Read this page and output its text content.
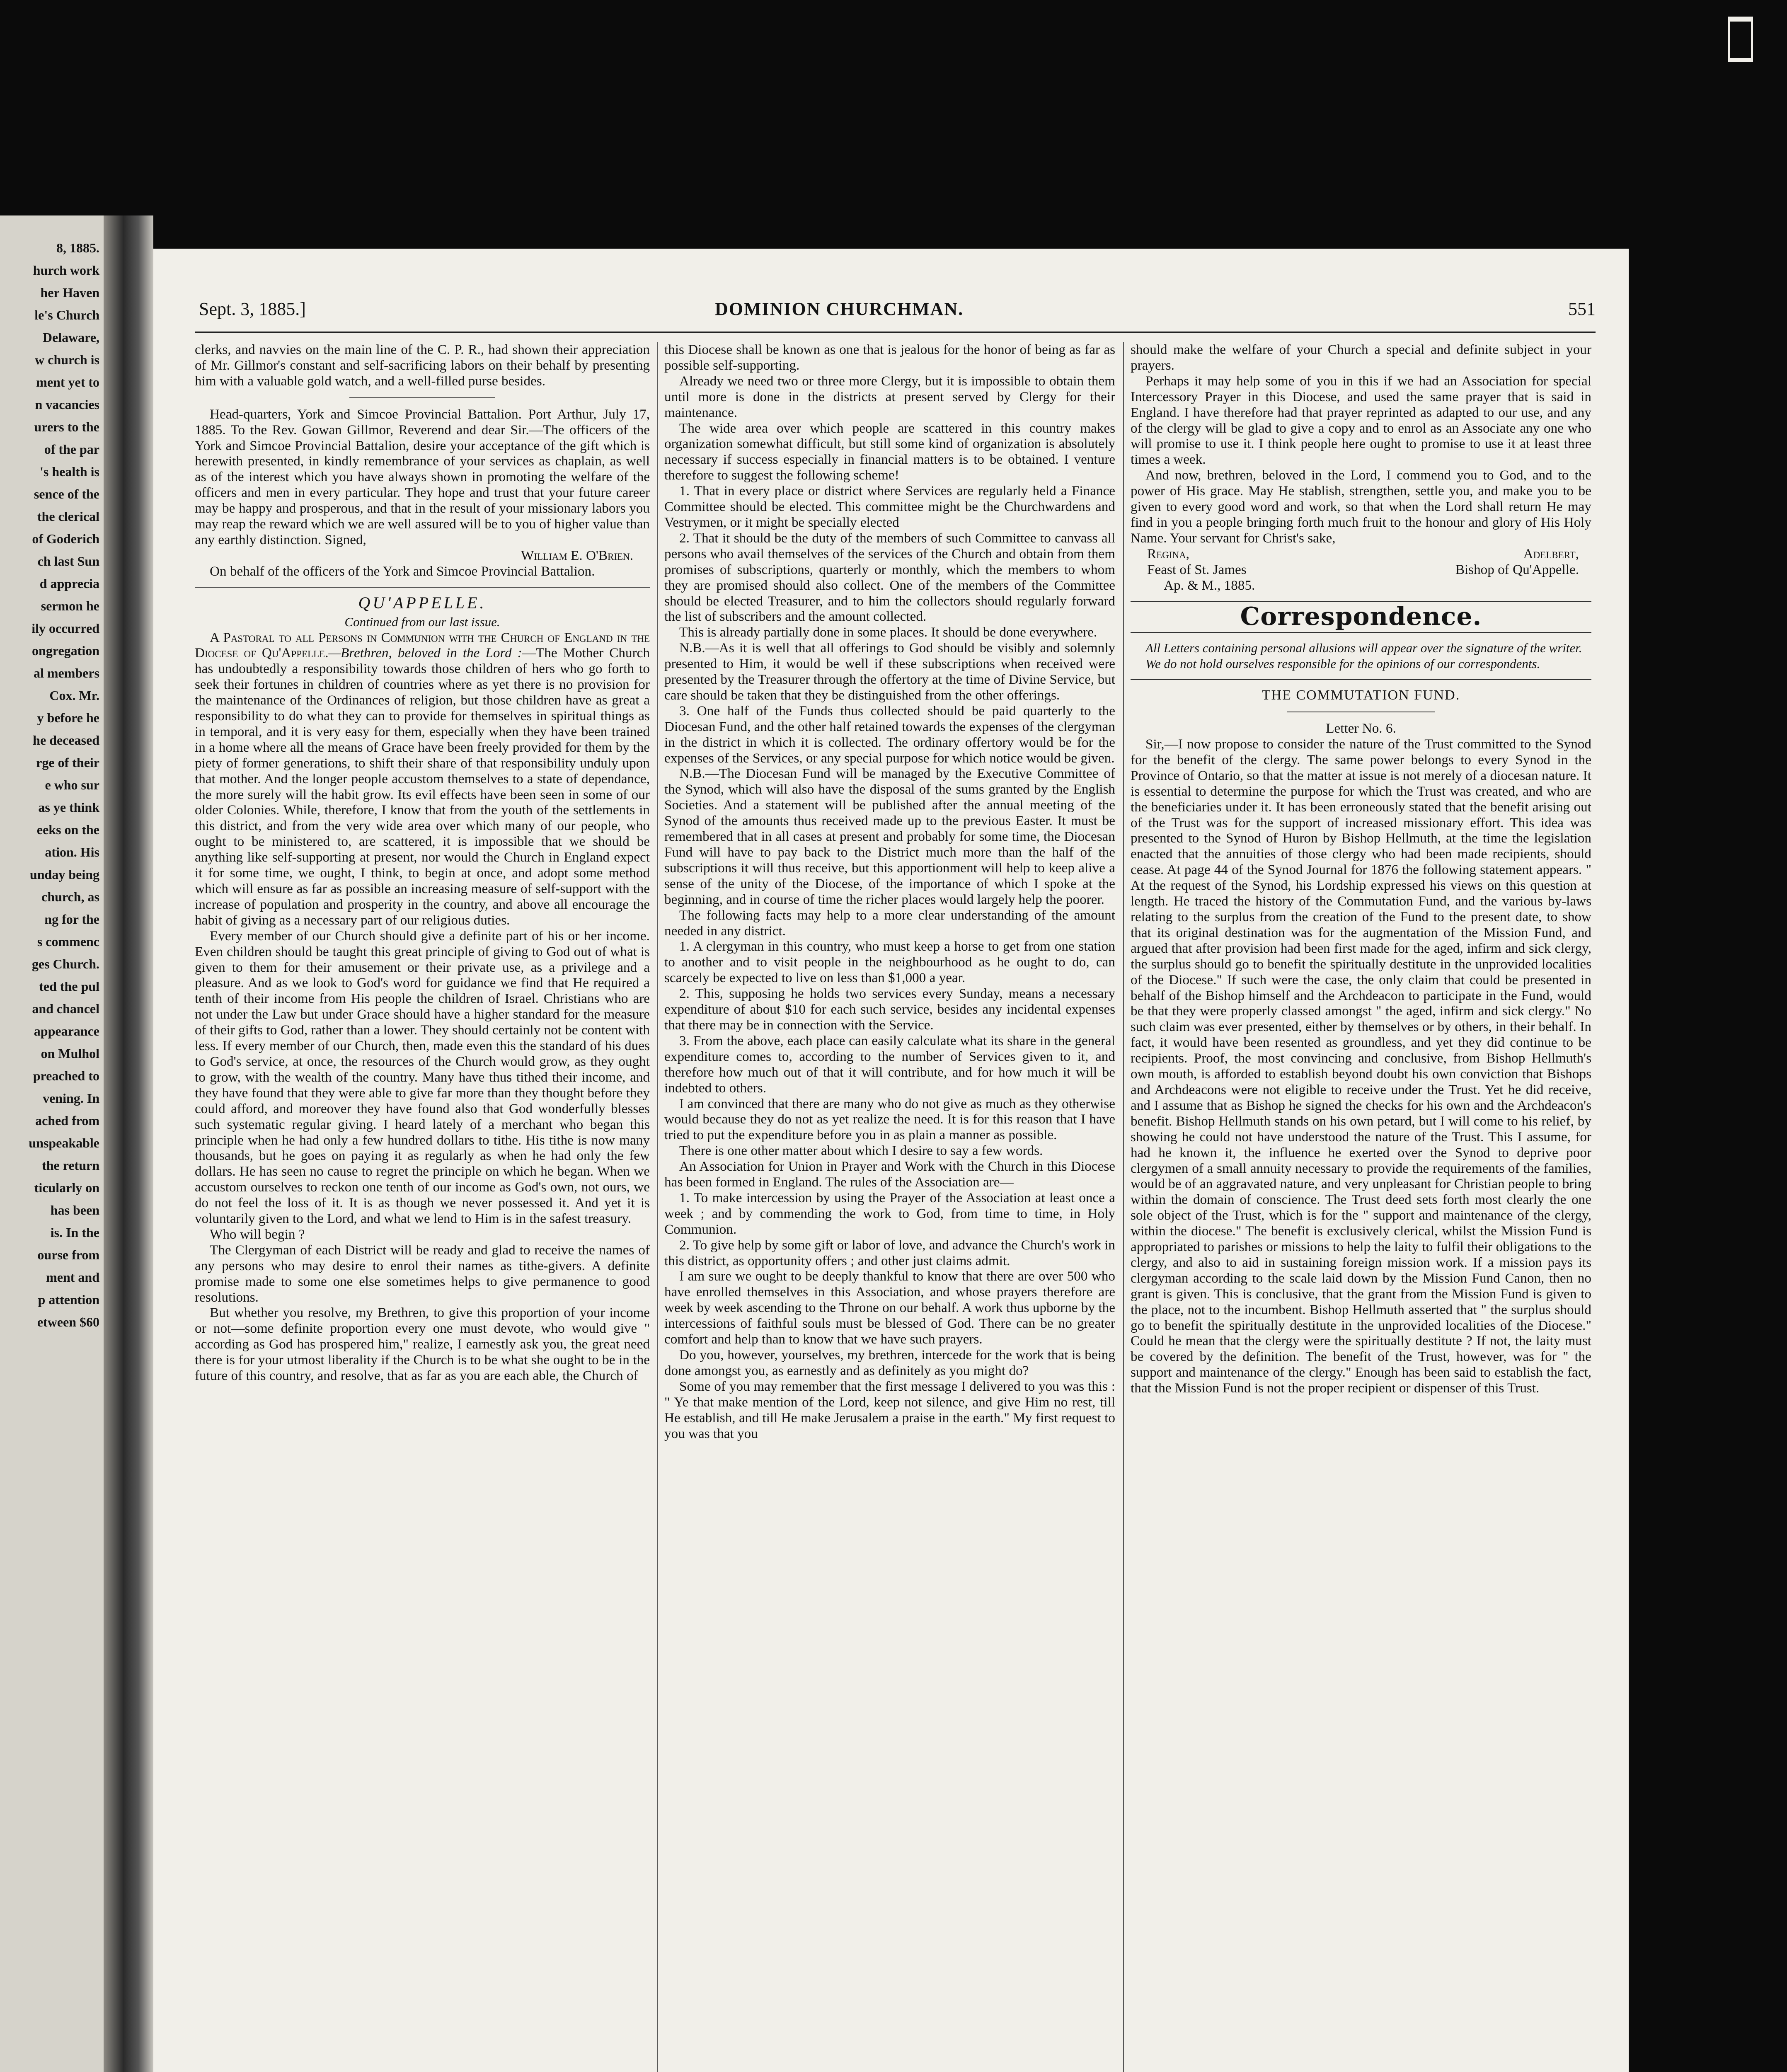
8, 1885.
hurch work
her Haven
le's Church
Delaware,
w church is
ment yet to
n vacancies
urers to the
of the par
's health is
sence of the
the clerical
of Goderich
ch last Sun
d apprecia
sermon he
ily occurred
ongregation
al members
Cox. Mr.
y before he
he deceased
rge of their
e who sur
as ye think
eeks on the
ation. His
unday being
church, as
ng for the
s commenc
ges Church.
ted the pul
and chancel
appearance
on Mulhol
preached to
vening. In
ached from
unspeakable
the return
ticularly on
has been
is. In the
ourse from
ment and
p attention
etween $60
Sept. 3, 1885.]	DOMINION CHURCHMAN.	551

clerks, and navvies on the main line of the C. P. R., had shown their appreciation of Mr. Gillmor's constant and self-sacrificing labors on their behalf by presenting him with a valuable gold watch, and a well-filled purse besides.

Head-quarters, York and Simcoe Provincial Battalion. Port Arthur, July 17, 1885. To the Rev. Gowan Gillmor, Reverend and dear Sir.—The officers of the York and Simcoe Provincial Battalion, desire your acceptance of the gift which is herewith presented, in kindly remembrance of your services as chaplain, as well as of the interest which you have always shown in promoting the welfare of the officers and men in every particular. They hope and trust that your future career may be happy and prosperous, and that in the result of your missionary labors you may reap the reward which we are well assured will be to you of higher value than any earthly distinction. Signed,

William E. O'Brien.

On behalf of the officers of the York and Simcoe Provincial Battalion.

QU'APPELLE.

Continued from our last issue.

A Pastoral to all Persons in Communion with the Church of England in the Diocese of Qu'Appelle.—Brethren, beloved in the Lord :—The Mother Church has undoubtedly a responsibility towards those children of hers who go forth to seek their fortunes in children of countries where as yet there is no provision for the maintenance of the Ordinances of religion, but those children have as great a responsibility to do what they can to provide for themselves in spiritual things as in temporal, and it is very easy for them, especially when they have been trained in a home where all the means of Grace have been freely provided for them by the piety of former generations, to shift their share of that responsibility unduly upon that mother. And the longer people accustom themselves to a state of dependance, the more surely will the habit grow. Its evil effects have been seen in some of our older Colonies. While, therefore, I know that from the youth of the settlements in this district, and from the very wide area over which many of our people, who ought to be ministered to, are scattered, it is impossible that we should be anything like self-supporting at present, nor would the Church in England expect it for some time, we ought, I think, to begin at once, and adopt some method which will ensure as far as possible an increasing measure of self-support with the increase of population and prosperity in the country, and above all encourage the habit of giving as a necessary part of our religious duties.

Every member of our Church should give a definite part of his or her income. Even children should be taught this great principle of giving to God out of what is given to them for their amusement or their private use, as a privilege and a pleasure. And as we look to God's word for guidance we find that He required a tenth of their income from His people the children of Israel. Christians who are not under the Law but under Grace should have a higher standard for the measure of their gifts to God, rather than a lower. They should certainly not be content with less. If every member of our Church, then, made even this the standard of his dues to God's service, at once, the resources of the Church would grow, as they ought to grow, with the wealth of the country. Many have thus tithed their income, and they have found that they were able to give far more than they thought before they could afford, and moreover they have found also that God wonderfully blesses such systematic regular giving. I heard lately of a merchant who began this principle when he had only a few hundred dollars to tithe. His tithe is now many thousands, but he goes on paying it as regularly as when he had only the few dollars. He has seen no cause to regret the principle on which he began. When we accustom ourselves to reckon one tenth of our income as God's own, not ours, we do not feel the loss of it. It is as though we never possessed it. And yet it is voluntarily given to the Lord, and what we lend to Him is in the safest treasury.

Who will begin ?

The Clergyman of each District will be ready and glad to receive the names of any persons who may desire to enrol their names as tithe-givers. A definite promise made to some one else sometimes helps to give permanence to good resolutions.

But whether you resolve, my Brethren, to give this proportion of your income or not—some definite proportion every one must devote, who would give " according as God has prospered him," realize, I earnestly ask you, the great need there is for your utmost liberality if the Church is to be what she ought to be in the future of this country, and resolve, that as far as you are each able, the Church of

this Diocese shall be known as one that is jealous for the honor of being as far as possible self-supporting.

Already we need two or three more Clergy, but it is impossible to obtain them until more is done in the districts at present served by Clergy for their maintenance.

The wide area over which people are scattered in this country makes organization somewhat difficult, but still some kind of organization is absolutely necessary if success especially in financial matters is to be obtained. I venture therefore to suggest the following scheme!

1. That in every place or district where Services are regularly held a Finance Committee should be elected. This committee might be the Churchwardens and Vestrymen, or it might be specially elected

2. That it should be the duty of the members of such Committee to canvass all persons who avail themselves of the services of the Church and obtain from them promises of subscriptions, quarterly or monthly, which the members to whom they are promised should also collect. One of the members of the Committee should be elected Treasurer, and to him the collectors should regularly forward the list of subscribers and the amount collected.

This is already partially done in some places. It should be done everywhere.

N.B.—As it is well that all offerings to God should be visibly and solemnly presented to Him, it would be well if these subscriptions when received were presented by the Treasurer through the offertory at the time of Divine Service, but care should be taken that they be distinguished from the other offerings.

3. One half of the Funds thus collected should be paid quarterly to the Diocesan Fund, and the other half retained towards the expenses of the clergyman in the district in which it is collected. The ordinary offertory would be for the expenses of the Services, or any special purpose for which notice would be given.

N.B.—The Diocesan Fund will be managed by the Executive Committee of the Synod, which will also have the disposal of the sums granted by the English Societies. And a statement will be published after the annual meeting of the Synod of the amounts thus received made up to the previous Easter. It must be remembered that in all cases at present and probably for some time, the Diocesan Fund will have to pay back to the District much more than the half of the subscriptions it will thus receive, but this apportionment will help to keep alive a sense of the unity of the Diocese, of the importance of which I spoke at the beginning, and in course of time the richer places would largely help the poorer.

The following facts may help to a more clear understanding of the amount needed in any district.

1. A clergyman in this country, who must keep a horse to get from one station to another and to visit people in the neighbourhood as he ought to do, can scarcely be expected to live on less than $1,000 a year.

2. This, supposing he holds two services every Sunday, means a necessary expenditure of about $10 for each such service, besides any incidental expenses that there may be in connection with the Service.

3. From the above, each place can easily calculate what its share in the general expenditure comes to, according to the number of Services given to it, and therefore how much out of that it will contribute, and for how much it will be indebted to others.

I am convinced that there are many who do not give as much as they otherwise would because they do not as yet realize the need. It is for this reason that I have tried to put the expenditure before you in as plain a manner as possible.

There is one other matter about which I desire to say a few words.

An Association for Union in Prayer and Work with the Church in this Diocese has been formed in England. The rules of the Association are—

1. To make intercession by using the Prayer of the Association at least once a week ; and by commending the work to God, from time to time, in Holy Communion.

2. To give help by some gift or labor of love, and advance the Church's work in this district, as opportunity offers ; and other just claims admit.

I am sure we ought to be deeply thankful to know that there are over 500 who have enrolled themselves in this Association, and whose prayers therefore are week by week ascending to the Throne on our behalf. A work thus upborne by the intercessions of faithful souls must be blessed of God. There can be no greater comfort and help than to know that we have such prayers.

Do you, however, yourselves, my brethren, intercede for the work that is being done amongst you, as earnestly and as definitely as you might do?

Some of you may remember that the first message I delivered to you was this : " Ye that make mention of the Lord, keep not silence, and give Him no rest, till He establish, and till He make Jerusalem a praise in the earth." My first request to you was that you

should make the welfare of your Church a special and definite subject in your prayers.

Perhaps it may help some of you in this if we had an Association for special Intercessory Prayer in this Diocese, and used the same prayer that is said in England. I have therefore had that prayer reprinted as adapted to our use, and any of the clergy will be glad to give a copy and to enrol as an Associate any one who will promise to use it. I think people here ought to promise to use it at least three times a week.

And now, brethren, beloved in the Lord, I commend you to God, and to the power of His grace. May He stablish, strengthen, settle you, and make you to be given to every good word and work, so that when the Lord shall return He may find in you a people bringing forth much fruit to the honour and glory of His Holy Name. Your servant for Christ's sake,

Regina,	Adelbert,
Feast of St. James	Bishop of Qu'Appelle.

Ap. & M., 1885.

Correspondence.

All Letters containing personal allusions will appear over the signature of the writer.

We do not hold ourselves responsible for the opinions of our correspondents.

THE COMMUTATION FUND.

Letter No. 6.

Sir,—I now propose to consider the nature of the Trust committed to the Synod for the benefit of the clergy. The same power belongs to every Synod in the Province of Ontario, so that the matter at issue is not merely of a diocesan nature. It is essential to determine the purpose for which the Trust was created, and who are the beneficiaries under it. It has been erroneously stated that the benefit arising out of the Trust was for the support of increased missionary effort. This idea was presented to the Synod of Huron by Bishop Hellmuth, at the time the legislation enacted that the annuities of those clergy who had been made recipients, should cease. At page 44 of the Synod Journal for 1876 the following statement appears. " At the request of the Synod, his Lordship expressed his views on this question at length. He traced the history of the Commutation Fund, and the various by-laws relating to the surplus from the creation of the Fund to the present date, to show that its original destination was for the augmentation of the Mission Fund, and argued that after provision had been first made for the aged, infirm and sick clergy, the surplus should go to benefit the spiritually destitute in the unprovided localities of the Diocese." If such were the case, the only claim that could be presented in behalf of the Bishop himself and the Archdeacon to participate in the Fund, would be that they were properly classed amongst " the aged, infirm and sick clergy." No such claim was ever presented, either by themselves or by others, in their behalf. In fact, it would have been resented as groundless, and yet they did continue to be recipients. Proof, the most convincing and conclusive, from Bishop Hellmuth's own mouth, is afforded to establish beyond doubt his own conviction that Bishops and Archdeacons were not eligible to receive under the Trust. Yet he did receive, and I assume that as Bishop he signed the checks for his own and the Archdeacon's benefit. Bishop Hellmuth stands on his own petard, but I will come to his relief, by showing he could not have understood the nature of the Trust. This I assume, for had he known it, the influence he exerted over the Synod to deprive poor clergymen of a small annuity necessary to provide the requirements of the families, would be of an aggravated nature, and very unpleasant for Christian people to bring within the domain of conscience. The Trust deed sets forth most clearly the one sole object of the Trust, which is for the " support and maintenance of the clergy, within the diocese." The benefit is exclusively clerical, whilst the Mission Fund is appropriated to parishes or missions to help the laity to fulfil their obligations to the clergy, and also to aid in sustaining foreign mission work. If a mission pays its clergyman according to the scale laid down by the Mission Fund Canon, then no grant is given. This is conclusive, that the grant from the Mission Fund is given to the place, not to the incumbent. Bishop Hellmuth asserted that " the surplus should go to benefit the spiritually destitute in the unprovided localities of the Diocese." Could he mean that the clergy were the spiritually destitute ? If not, the laity must be covered by the definition. The benefit of the Trust, however, was for " the support and maintenance of the clergy." Enough has been said to establish the fact, that the Mission Fund is not the proper recipient or dispenser of this Trust.
